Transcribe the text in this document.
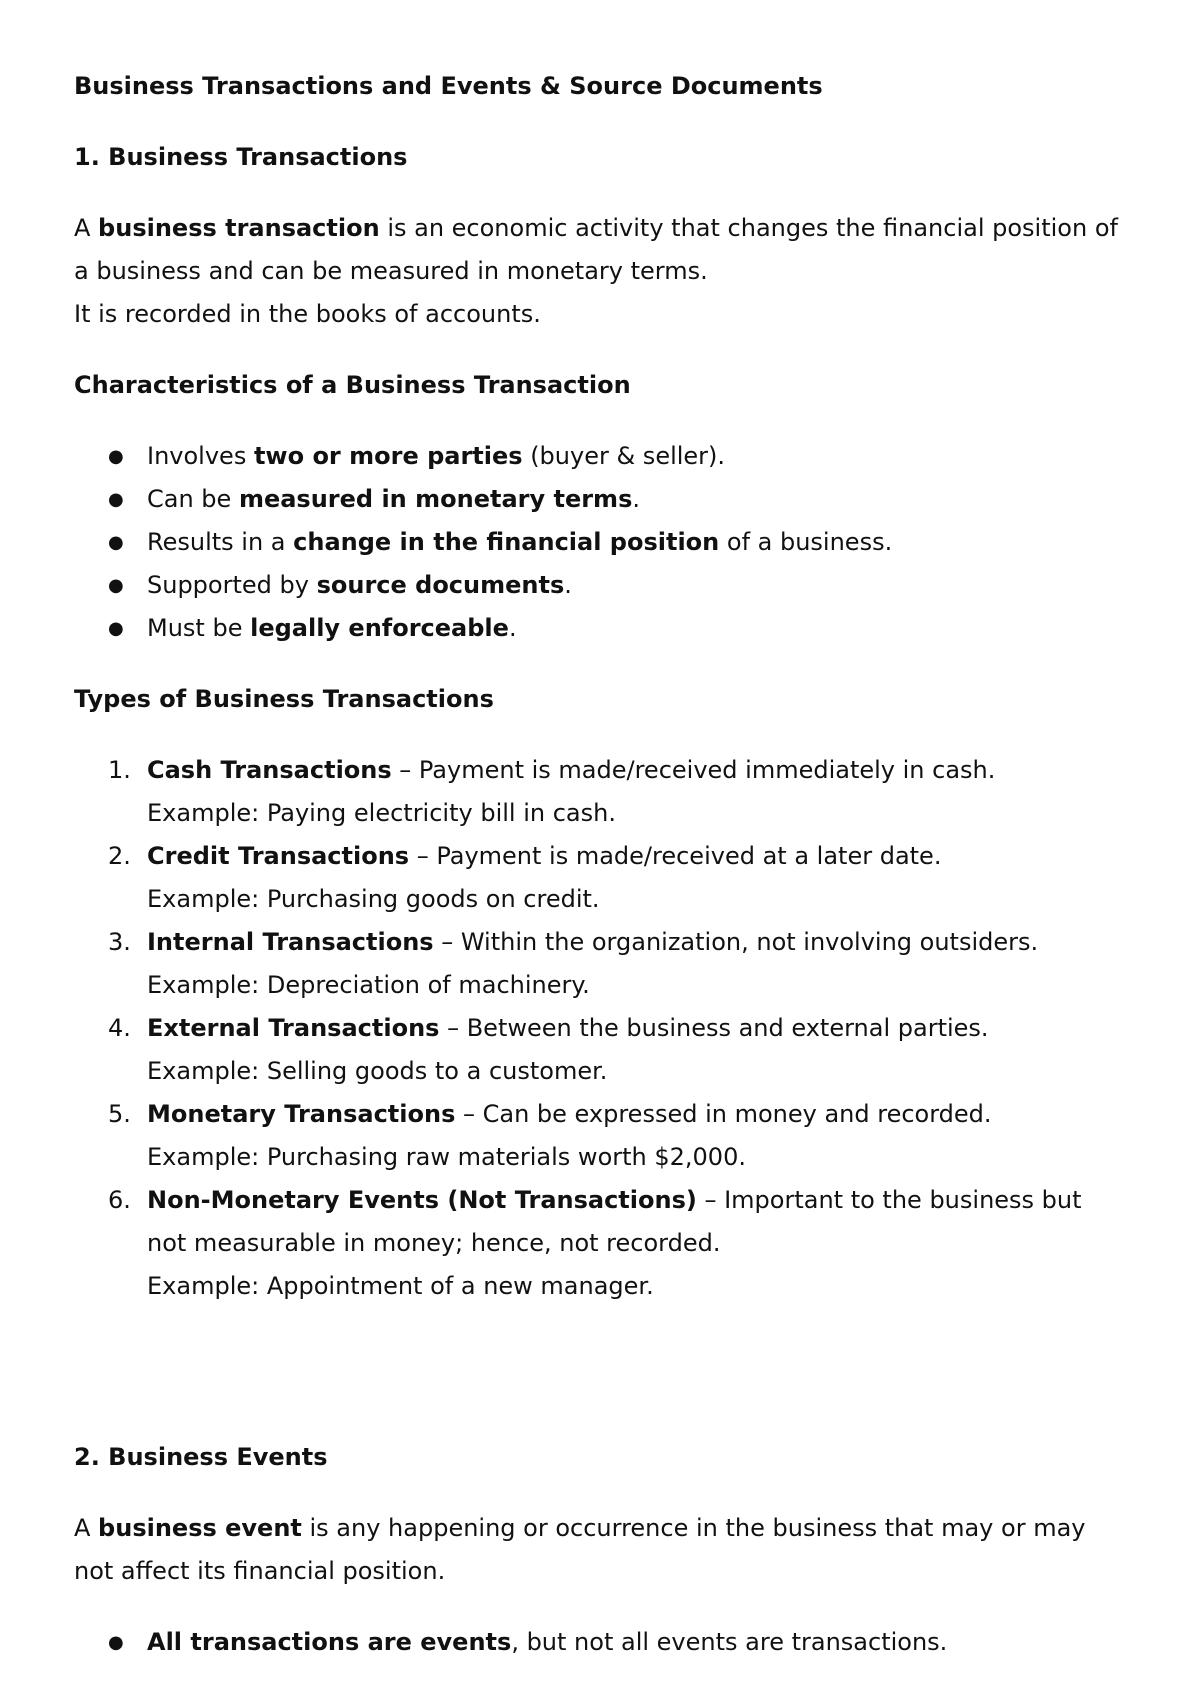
Business Transactions and Events & Source Documents
1. Business Transactions
A business transaction is an economic activity that changes the financial position of
a business and can be measured in monetary terms.
It is recorded in the books of accounts.
Characteristics of a Business Transaction
● Involves two or more parties (buyer & seller).
● Can be measured in monetary terms.
● Results in a change in the financial position of a business.
● Supported by source documents.
● Must be legally enforceable.
Types of Business Transactions
1. Cash Transactions – Payment is made/received immediately in cash.
Example: Paying electricity bill in cash.
2. Credit Transactions – Payment is made/received at a later date.
Example: Purchasing goods on credit.
3. Internal Transactions – Within the organization, not involving outsiders.
Example: Depreciation of machinery.
4. External Transactions – Between the business and external parties.
Example: Selling goods to a customer.
5. Monetary Transactions – Can be expressed in money and recorded.
Example: Purchasing raw materials worth $2,000.
6. Non-Monetary Events (Not Transactions) – Important to the business but
not measurable in money; hence, not recorded.
Example: Appointment of a new manager.
2. Business Events
A business event is any happening or occurrence in the business that may or may
not affect its financial position.
● All transactions are events, but not all events are transactions.
